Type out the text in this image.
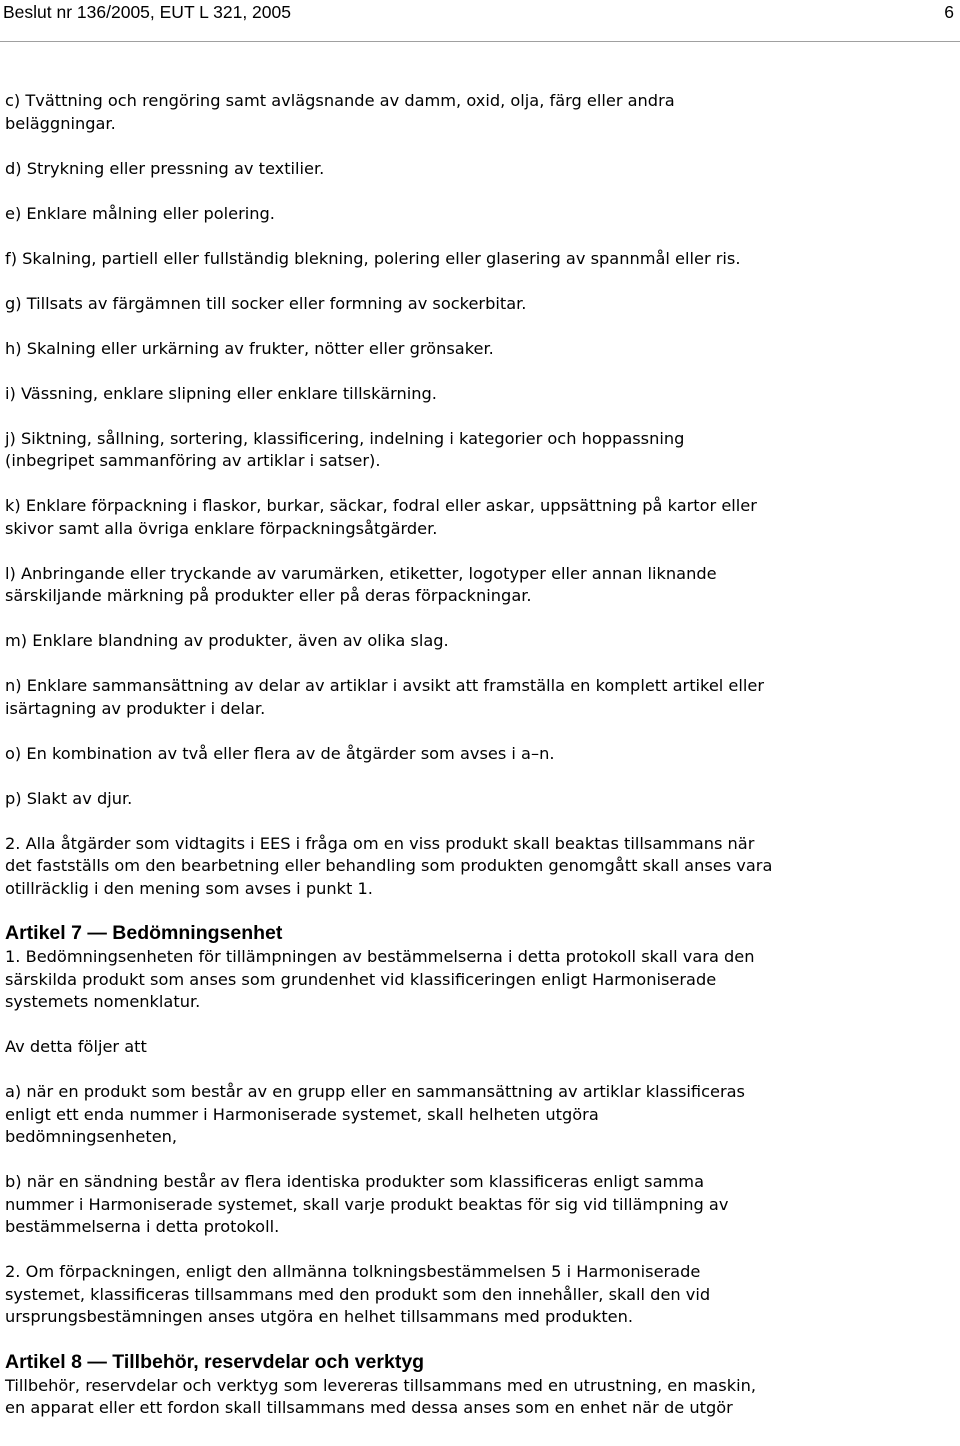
Beslut nr 136/2005, EUT L 321, 2005	6

c) Tvättning och rengöring samt avlägsnande av damm, oxid, olja, färg eller andra
beläggningar.

d) Strykning eller pressning av textilier.

e) Enklare målning eller polering.

f) Skalning, partiell eller fullständig blekning, polering eller glasering av spannmål eller ris.

g) Tillsats av färgämnen till socker eller formning av sockerbitar.

h) Skalning eller urkärning av frukter, nötter eller grönsaker.

i) Vässning, enklare slipning eller enklare tillskärning.

j) Siktning, sållning, sortering, klassificering, indelning i kategorier och hoppassning
(inbegripet sammanföring av artiklar i satser).

k) Enklare förpackning i flaskor, burkar, säckar, fodral eller askar, uppsättning på kartor eller
skivor samt alla övriga enklare förpackningsåtgärder.

l) Anbringande eller tryckande av varumärken, etiketter, logotyper eller annan liknande
särskiljande märkning på produkter eller på deras förpackningar.

m) Enklare blandning av produkter, även av olika slag.

n) Enklare sammansättning av delar av artiklar i avsikt att framställa en komplett artikel eller
isärtagning av produkter i delar.

o) En kombination av två eller flera av de åtgärder som avses i a–n.

p) Slakt av djur.

2. Alla åtgärder som vidtagits i EES i fråga om en viss produkt skall beaktas tillsammans när
det fastställs om den bearbetning eller behandling som produkten genomgått skall anses vara
otillräcklig i den mening som avses i punkt 1.

Artikel 7 — Bedömningsenhet

1. Bedömningsenheten för tillämpningen av bestämmelserna i detta protokoll skall vara den
särskilda produkt som anses som grundenhet vid klassificeringen enligt Harmoniserade
systemets nomenklatur.

Av detta följer att

a) när en produkt som består av en grupp eller en sammansättning av artiklar klassificeras
enligt ett enda nummer i Harmoniserade systemet, skall helheten utgöra
bedömningsenheten,

b) när en sändning består av flera identiska produkter som klassificeras enligt samma
nummer i Harmoniserade systemet, skall varje produkt beaktas för sig vid tillämpning av
bestämmelserna i detta protokoll.

2. Om förpackningen, enligt den allmänna tolkningsbestämmelsen 5 i Harmoniserade
systemet, klassificeras tillsammans med den produkt som den innehåller, skall den vid
ursprungsbestämningen anses utgöra en helhet tillsammans med produkten.

Artikel 8 — Tillbehör, reservdelar och verktyg

Tillbehör, reservdelar och verktyg som levereras tillsammans med en utrustning, en maskin,
en apparat eller ett fordon skall tillsammans med dessa anses som en enhet när de utgör
